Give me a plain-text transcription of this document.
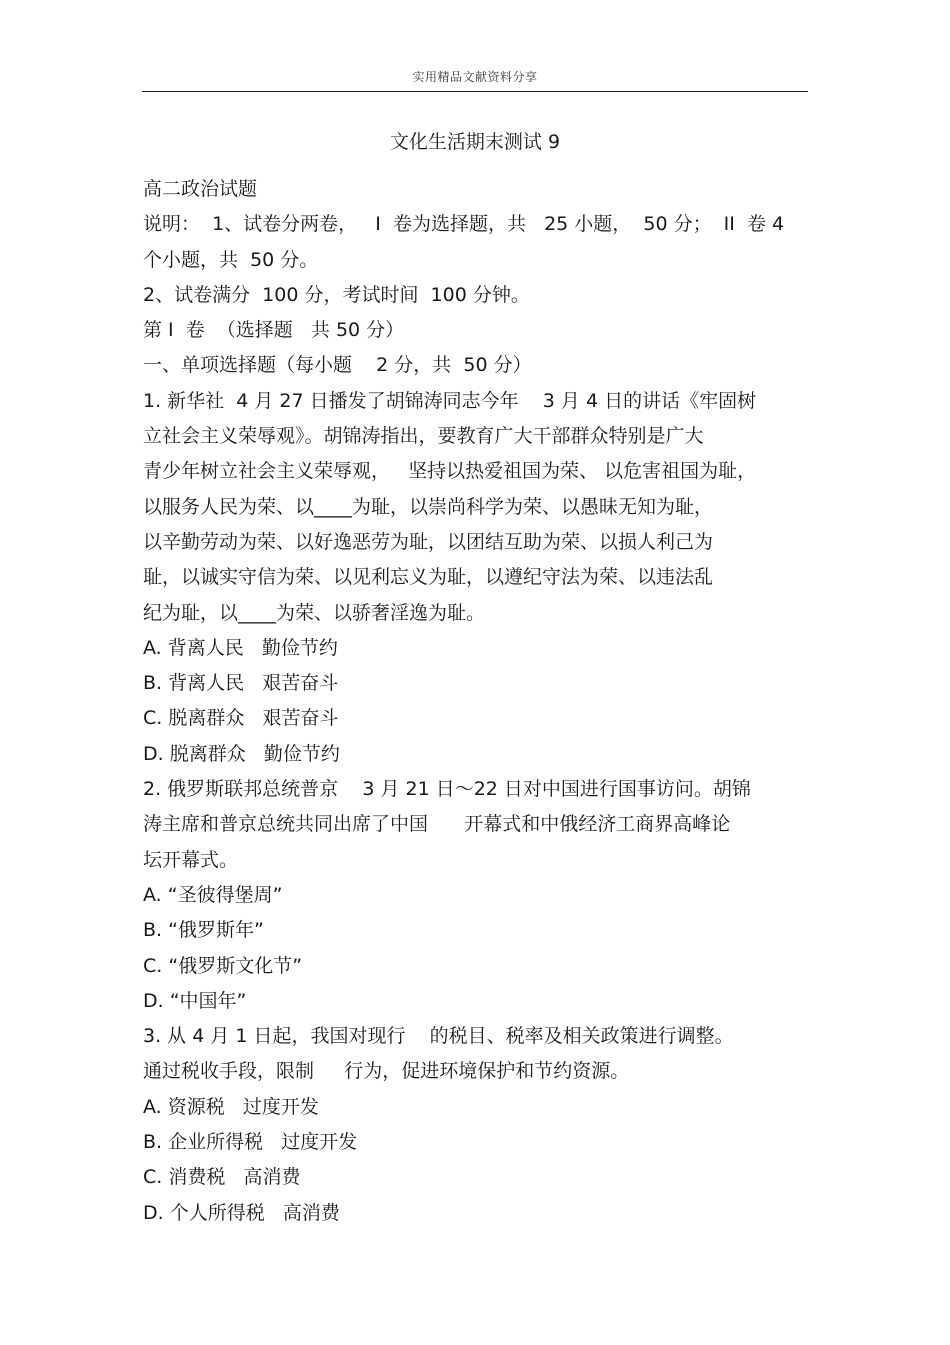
实用精品文献资料分享
文化生活期末测试 9
高二政治试题
说明：  1、试卷分两卷，   I  卷为选择题，共   25 小题，  50 分；  II  卷 4
个小题，共  50 分。
2、试卷满分  100 分，考试时间  100 分钟。
第 I  卷  （选择题   共 50 分）
一、单项选择题（每小题    2 分，共  50 分）
1. 新华社  4 月 27 日播发了胡锦涛同志今年    3 月 4 日的讲话《牢固树
立社会主义荣辱观》。胡锦涛指出，要教育广大干部群众特别是广大
青少年树立社会主义荣辱观，   坚持以热爱祖国为荣、 以危害祖国为耻，
以服务人民为荣、以____为耻，以崇尚科学为荣、以愚昧无知为耻，
以辛勤劳动为荣、以好逸恶劳为耻，以团结互助为荣、以损人利己为
耻，以诚实守信为荣、以见利忘义为耻，以遵纪守法为荣、以违法乱
纪为耻，以____为荣、以骄奢淫逸为耻。
A. 背离人民   勤俭节约
B. 背离人民   艰苦奋斗
C. 脱离群众   艰苦奋斗
D. 脱离群众   勤俭节约
2. 俄罗斯联邦总统普京    3 月 21 日～22 日对中国进行国事访问。胡锦
涛主席和普京总统共同出席了中国      开幕式和中俄经济工商界高峰论
坛开幕式。
A. “圣彼得堡周”
B. “俄罗斯年”
C. “俄罗斯文化节”
D. “中国年”
3. 从 4 月 1 日起，我国对现行    的税目、税率及相关政策进行调整。
通过税收手段，限制     行为，促进环境保护和节约资源。
A. 资源税   过度开发
B. 企业所得税   过度开发
C. 消费税   高消费
D. 个人所得税   高消费
